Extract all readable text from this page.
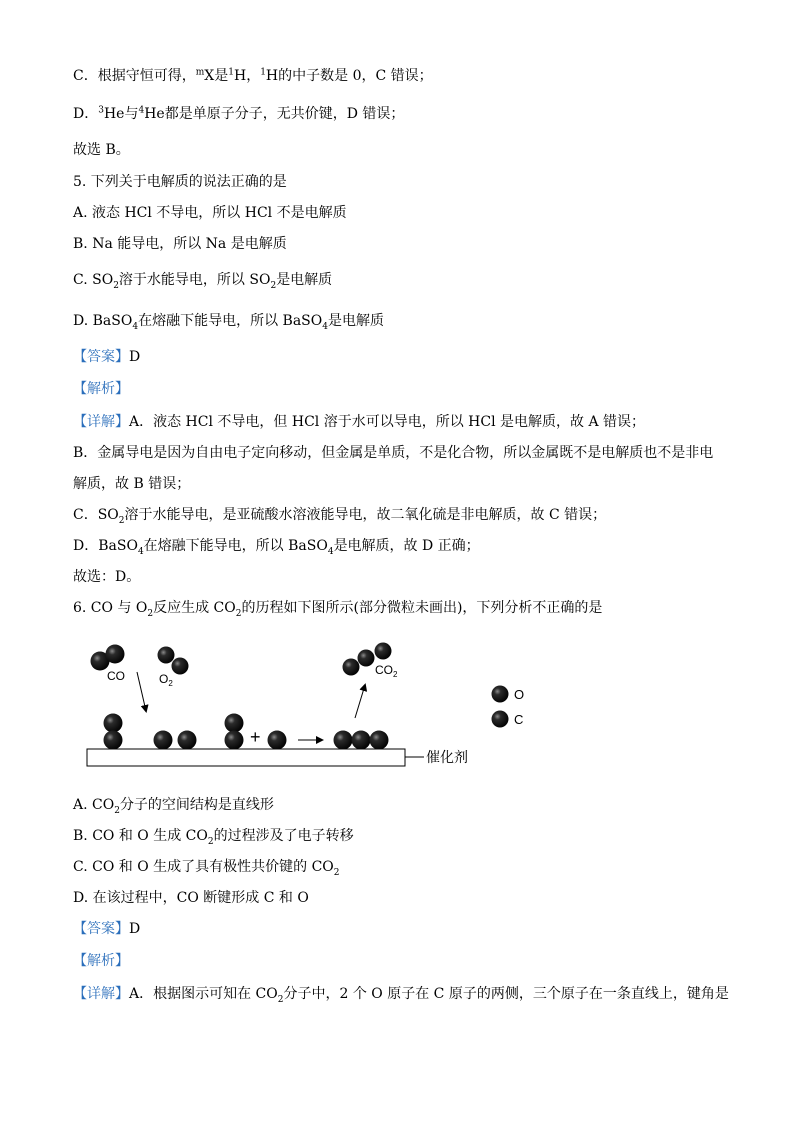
C．根据守恒可得，$^m$X是$^1$H，$^1$H的中子数是 0，C 错误；
D．$^3$He与$^4$He都是单原子分子，无共价键，D 错误；
故选 B。
5. 下列关于电解质的说法正确的是
A. 液态 HCl 不导电，所以 HCl 不是电解质
B. Na 能导电，所以 Na 是电解质
C. $SO_2$溶于水能导电，所以 $SO_2$是电解质
D. BaSO$_4$在熔融下能导电，所以 BaSO$_4$是电解质
【答案】D
【解析】
【详解】A．液态 HCl 不导电，但 HCl 溶于水可以导电，所以 HCl 是电解质，故 A 错误；
B．金属导电是因为自由电子定向移动，但金属是单质，不是化合物，所以金属既不是电解质也不是非电
解质，故 B 错误；
C．$SO_2$溶于水能导电，是亚硫酸水溶液能导电，故二氧化硫是非电解质，故 C 错误；
D．BaSO$_4$在熔融下能导电，所以 BaSO$_4$是电解质，故 D 正确；
故选：D。
6. CO 与 $O_2$反应生成 $CO_2$的历程如下图所示(部分微粒未画出)，下列分析不正确的是
CO	$O_2$
催化剂
+
$CO_2$
O
C
A. $CO_2$分子的空间结构是直线形
B. CO 和 O 生成 $CO_2$的过程涉及了电子转移
C. CO 和 O 生成了具有极性共价键的 $CO_2$
D. 在该过程中，CO 断键形成 C 和 O
【答案】D
【解析】
【详解】A．根据图示可知在 $CO_2$分子中，2 个 O 原子在 C 原子的两侧，三个原子在一条直线上，键角是
